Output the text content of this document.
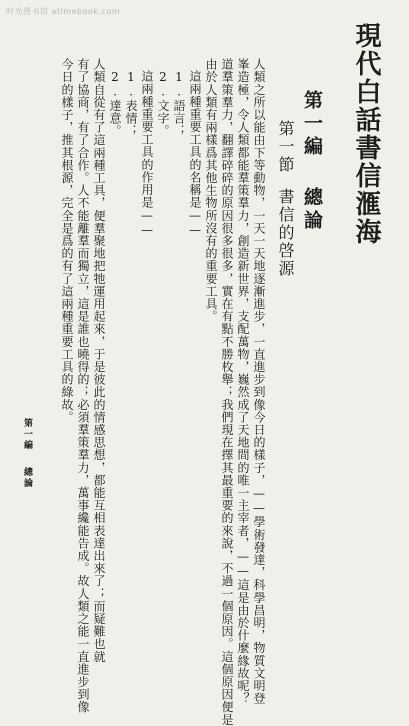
时光图书馆 atimebook.com
現代白話書信滙海
第一編總論
第一節書信的啓源
人類之所以能由下等動物，一天一天地逐漸進步，一直進步到像今日的樣子，——學術發達，科學昌明，物質文明登
峯造極，令人類都能羣策羣力，創造新世界，支配萬物，巍然成了天地間的唯一主宰者，——這是由於什麼緣故呢？
道羣策羣力，翻譯碎碎的原因很多很多，實在有點不勝枚舉；我們現在擇其最重要的來說，不過一個原因。這個原因便是
由於人類有兩樣爲其他生物所沒有的重要工具。
這兩種重要工具的名稱是——
1.語言；
2.文字。
這兩種重要工具的作用是——
1.表情；
2.達意。
人類自從有了這兩種工具，便羣聚地把牠運用起來，于是彼此的情感思想，都能互相表達出來了；而疑難也就
有了協商，有了合作。人不能離羣而獨立，這是誰也曉得的；必須羣策羣力，萬事纔能告成。故人類之能一直進步到像
今日的樣子，推其根源，完全是爲的有了這兩種重要工具的綠故。
第一編總論
